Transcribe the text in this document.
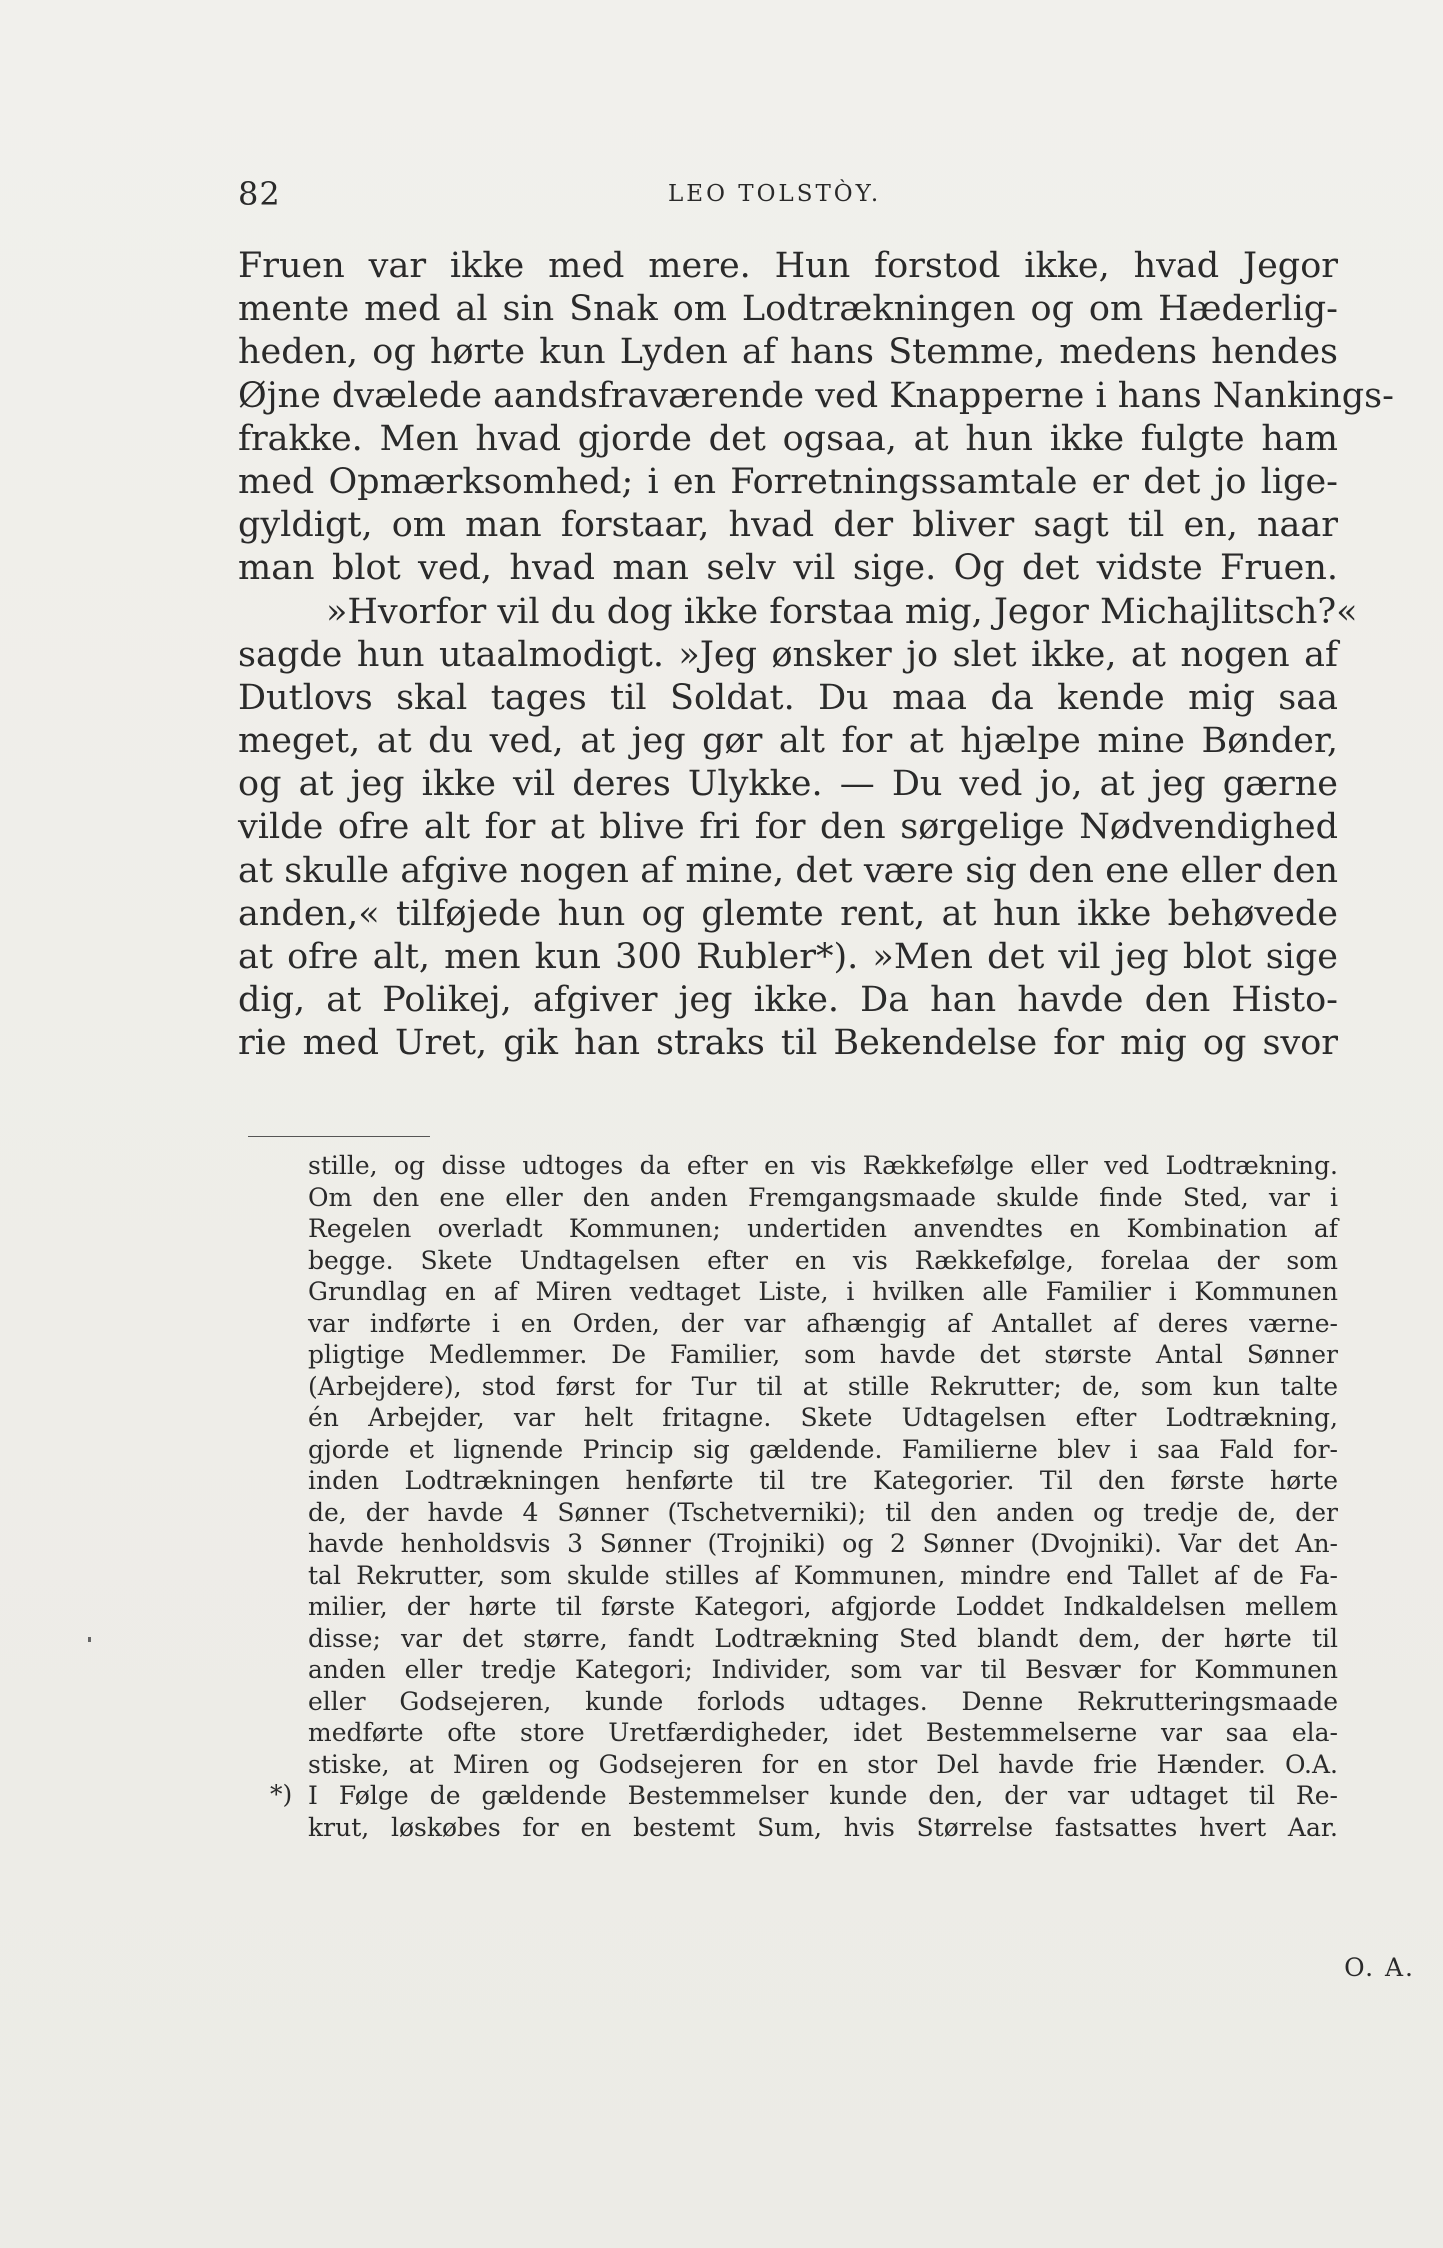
82	LEO TOLSTÒY.
Fruen var ikke med mere. Hun forstod ikke, hvad Jegor
mente med al sin Snak om Lodtrækningen og om Hæderlig-
heden, og hørte kun Lyden af hans Stemme, medens hendes
Øjne dvælede aandsfraværende ved Knapperne i hans Nankings-
frakke. Men hvad gjorde det ogsaa, at hun ikke fulgte ham
med Opmærksomhed; i en Forretningssamtale er det jo lige-
gyldigt, om man forstaar, hvad der bliver sagt til en, naar
man blot ved, hvad man selv vil sige. Og det vidste Fruen.
»Hvorfor vil du dog ikke forstaa mig, Jegor Michajlitsch?«
sagde hun utaalmodigt. »Jeg ønsker jo slet ikke, at nogen af
Dutlovs skal tages til Soldat. Du maa da kende mig saa
meget, at du ved, at jeg gør alt for at hjælpe mine Bønder,
og at jeg ikke vil deres Ulykke. — Du ved jo, at jeg gærne
vilde ofre alt for at blive fri for den sørgelige Nødvendighed
at skulle afgive nogen af mine, det være sig den ene eller den
anden,« tilføjede hun og glemte rent, at hun ikke behøvede
at ofre alt, men kun 300 Rubler*). »Men det vil jeg blot sige
dig, at Polikej, afgiver jeg ikke. Da han havde den Histo-
rie med Uret, gik han straks til Bekendelse for mig og svor
stille, og disse udtoges da efter en vis Rækkefølge eller ved Lodtrækning.
Om den ene eller den anden Fremgangsmaade skulde finde Sted, var i
Regelen overladt Kommunen; undertiden anvendtes en Kombination af
begge. Skete Undtagelsen efter en vis Rækkefølge, forelaa der som
Grundlag en af Miren vedtaget Liste, i hvilken alle Familier i Kommunen
var indførte i en Orden, der var afhængig af Antallet af deres værne-
pligtige Medlemmer. De Familier, som havde det største Antal Sønner
(Arbejdere), stod først for Tur til at stille Rekrutter; de, som kun talte
én Arbejder, var helt fritagne. Skete Udtagelsen efter Lodtrækning,
gjorde et lignende Princip sig gældende. Familierne blev i saa Fald for-
inden Lodtrækningen henførte til tre Kategorier. Til den første hørte
de, der havde 4 Sønner (Tschetverniki); til den anden og tredje de, der
havde henholdsvis 3 Sønner (Trojniki) og 2 Sønner (Dvojniki). Var det An-
tal Rekrutter, som skulde stilles af Kommunen, mindre end Tallet af de Fa-
milier, der hørte til første Kategori, afgjorde Loddet Indkaldelsen mellem
disse; var det større, fandt Lodtrækning Sted blandt dem, der hørte til
anden eller tredje Kategori; Individer, som var til Besvær for Kommunen
eller Godsejeren, kunde forlods udtages. Denne Rekrutteringsmaade
medførte ofte store Uretfærdigheder, idet Bestemmelserne var saa ela-
stiske, at Miren og Godsejeren for en stor Del havde frie Hænder. O.A.
*) I Følge de gældende Bestemmelser kunde den, der var udtaget til Re-
krut, løskøbes for en bestemt Sum, hvis Størrelse fastsattes hvert Aar.
O. A.
